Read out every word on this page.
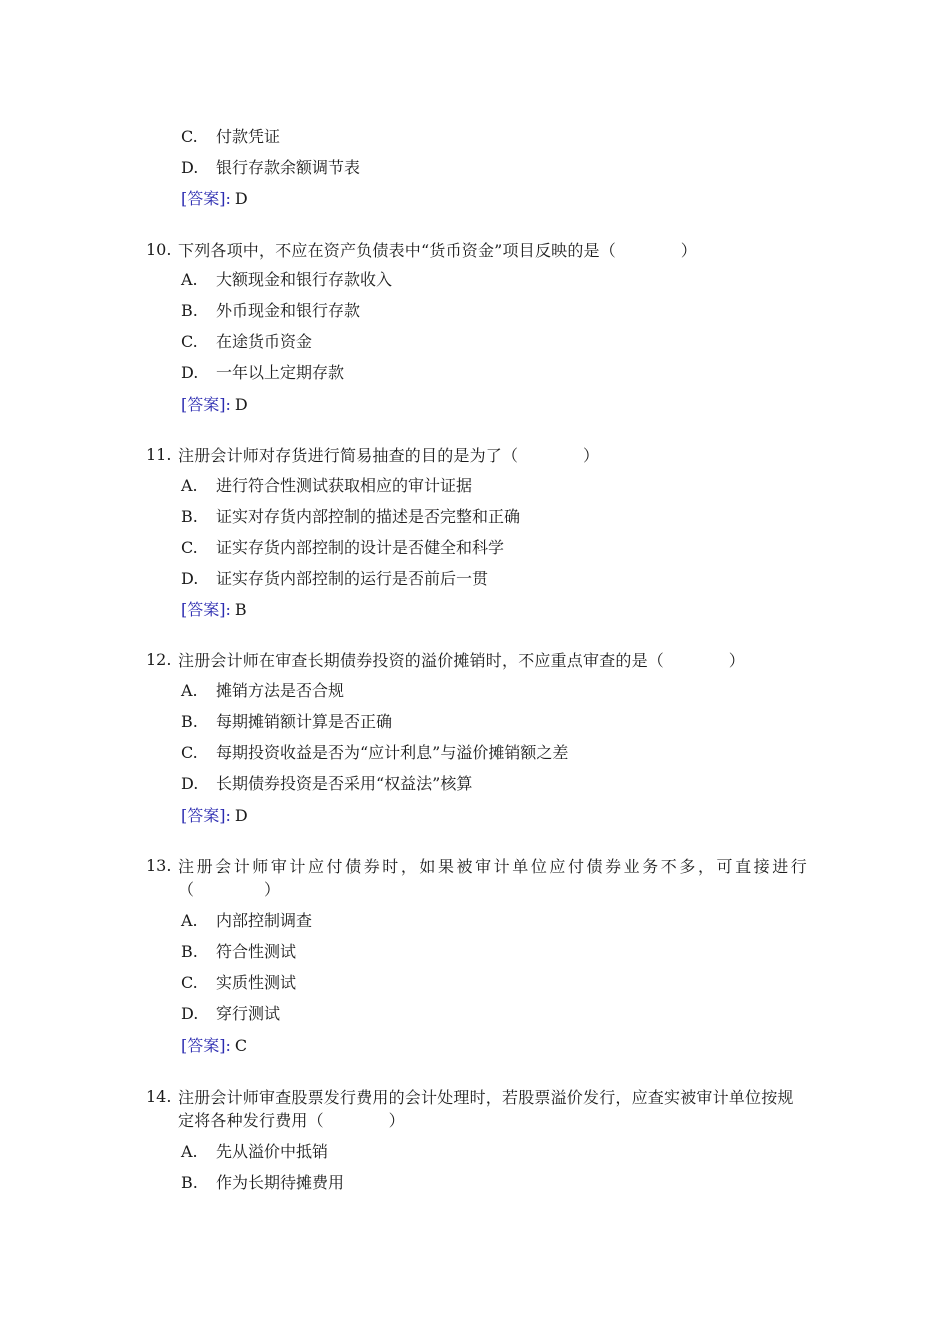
C.	付款凭证
D.	银行存款余额调节表
[答案]: D
10. 下列各项中，不应在资产负债表中“货币资金”项目反映的是（　　　　）
A.	大额现金和银行存款收入
B.	外币现金和银行存款
C.	在途货币资金
D.	一年以上定期存款
[答案]: D
11. 注册会计师对存货进行简易抽查的目的是为了（　　　　）
A.	进行符合性测试获取相应的审计证据
B.	证实对存货内部控制的描述是否完整和正确
C.	证实存货内部控制的设计是否健全和科学
D.	证实存货内部控制的运行是否前后一贯
[答案]: B
12. 注册会计师在审查长期债券投资的溢价摊销时，不应重点审查的是（　　　　）
A.	摊销方法是否合规
B.	每期摊销额计算是否正确
C.	每期投资收益是否为“应计利息”与溢价摊销额之差
D.	长期债券投资是否采用“权益法”核算
[答案]: D
13. 注册会计师审计应付债券时，如果被审计单位应付债券业务不多，可直接进行（　　　　）
A.	内部控制调查
B.	符合性测试
C.	实质性测试
D.	穿行测试
[答案]: C
14. 注册会计师审查股票发行费用的会计处理时，若股票溢价发行，应查实被审计单位按规定将各种发行费用（　　　　）
A.	先从溢价中抵销
B.	作为长期待摊费用
